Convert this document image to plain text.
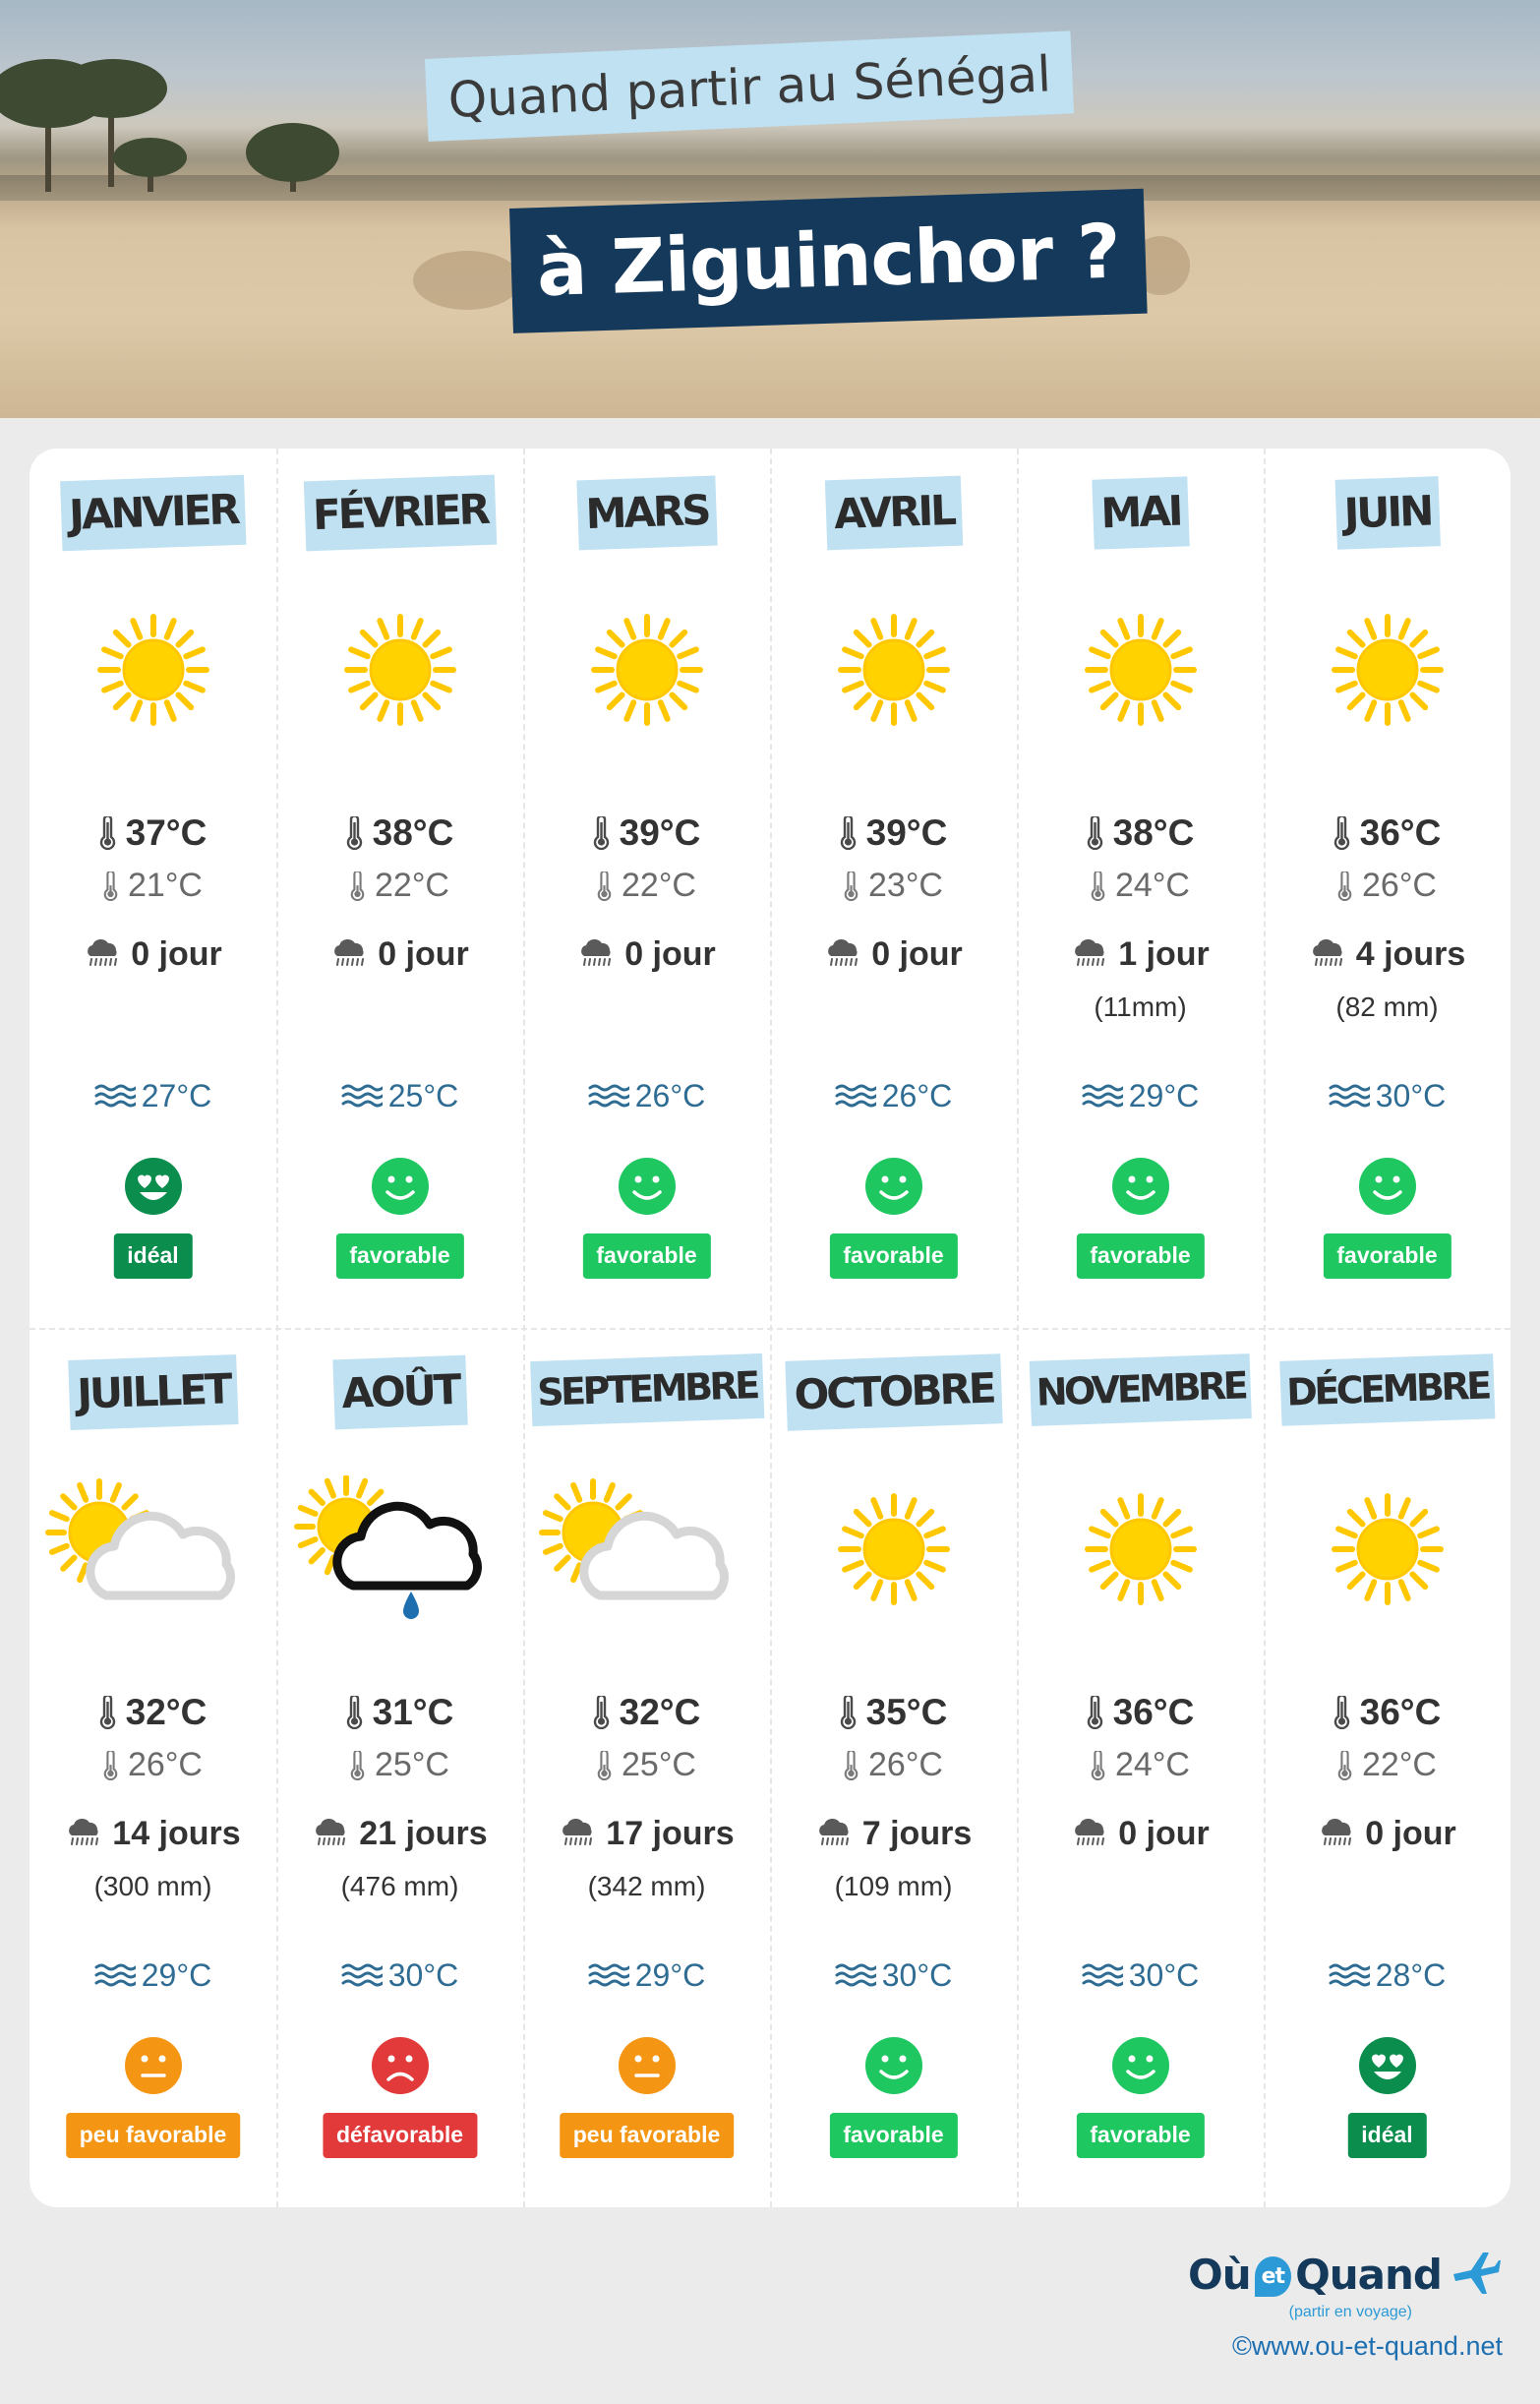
Quand partir au Sénégal
à Ziguinchor ?
JANVIER
37°C
21°C
0 jour
27°C
idéal
FÉVRIER
38°C
22°C
0 jour
25°C
favorable
MARS
39°C
22°C
0 jour
26°C
favorable
AVRIL
39°C
23°C
0 jour
26°C
favorable
MAI
38°C
24°C
1 jour
(11mm)
29°C
favorable
JUIN
36°C
26°C
4 jours
(82 mm)
30°C
favorable
JUILLET
32°C
26°C
14 jours
(300 mm)
29°C
peu favorable
AOÛT
31°C
25°C
21 jours
(476 mm)
30°C
défavorable
SEPTEMBRE
32°C
25°C
17 jours
(342 mm)
29°C
peu favorable
OCTOBRE
35°C
26°C
7 jours
(109 mm)
30°C
favorable
NOVEMBRE
36°C
24°C
0 jour
30°C
favorable
DÉCEMBRE
36°C
22°C
0 jour
28°C
idéal
Où et Quand
(partir en voyage)
©www.ou-et-quand.net
